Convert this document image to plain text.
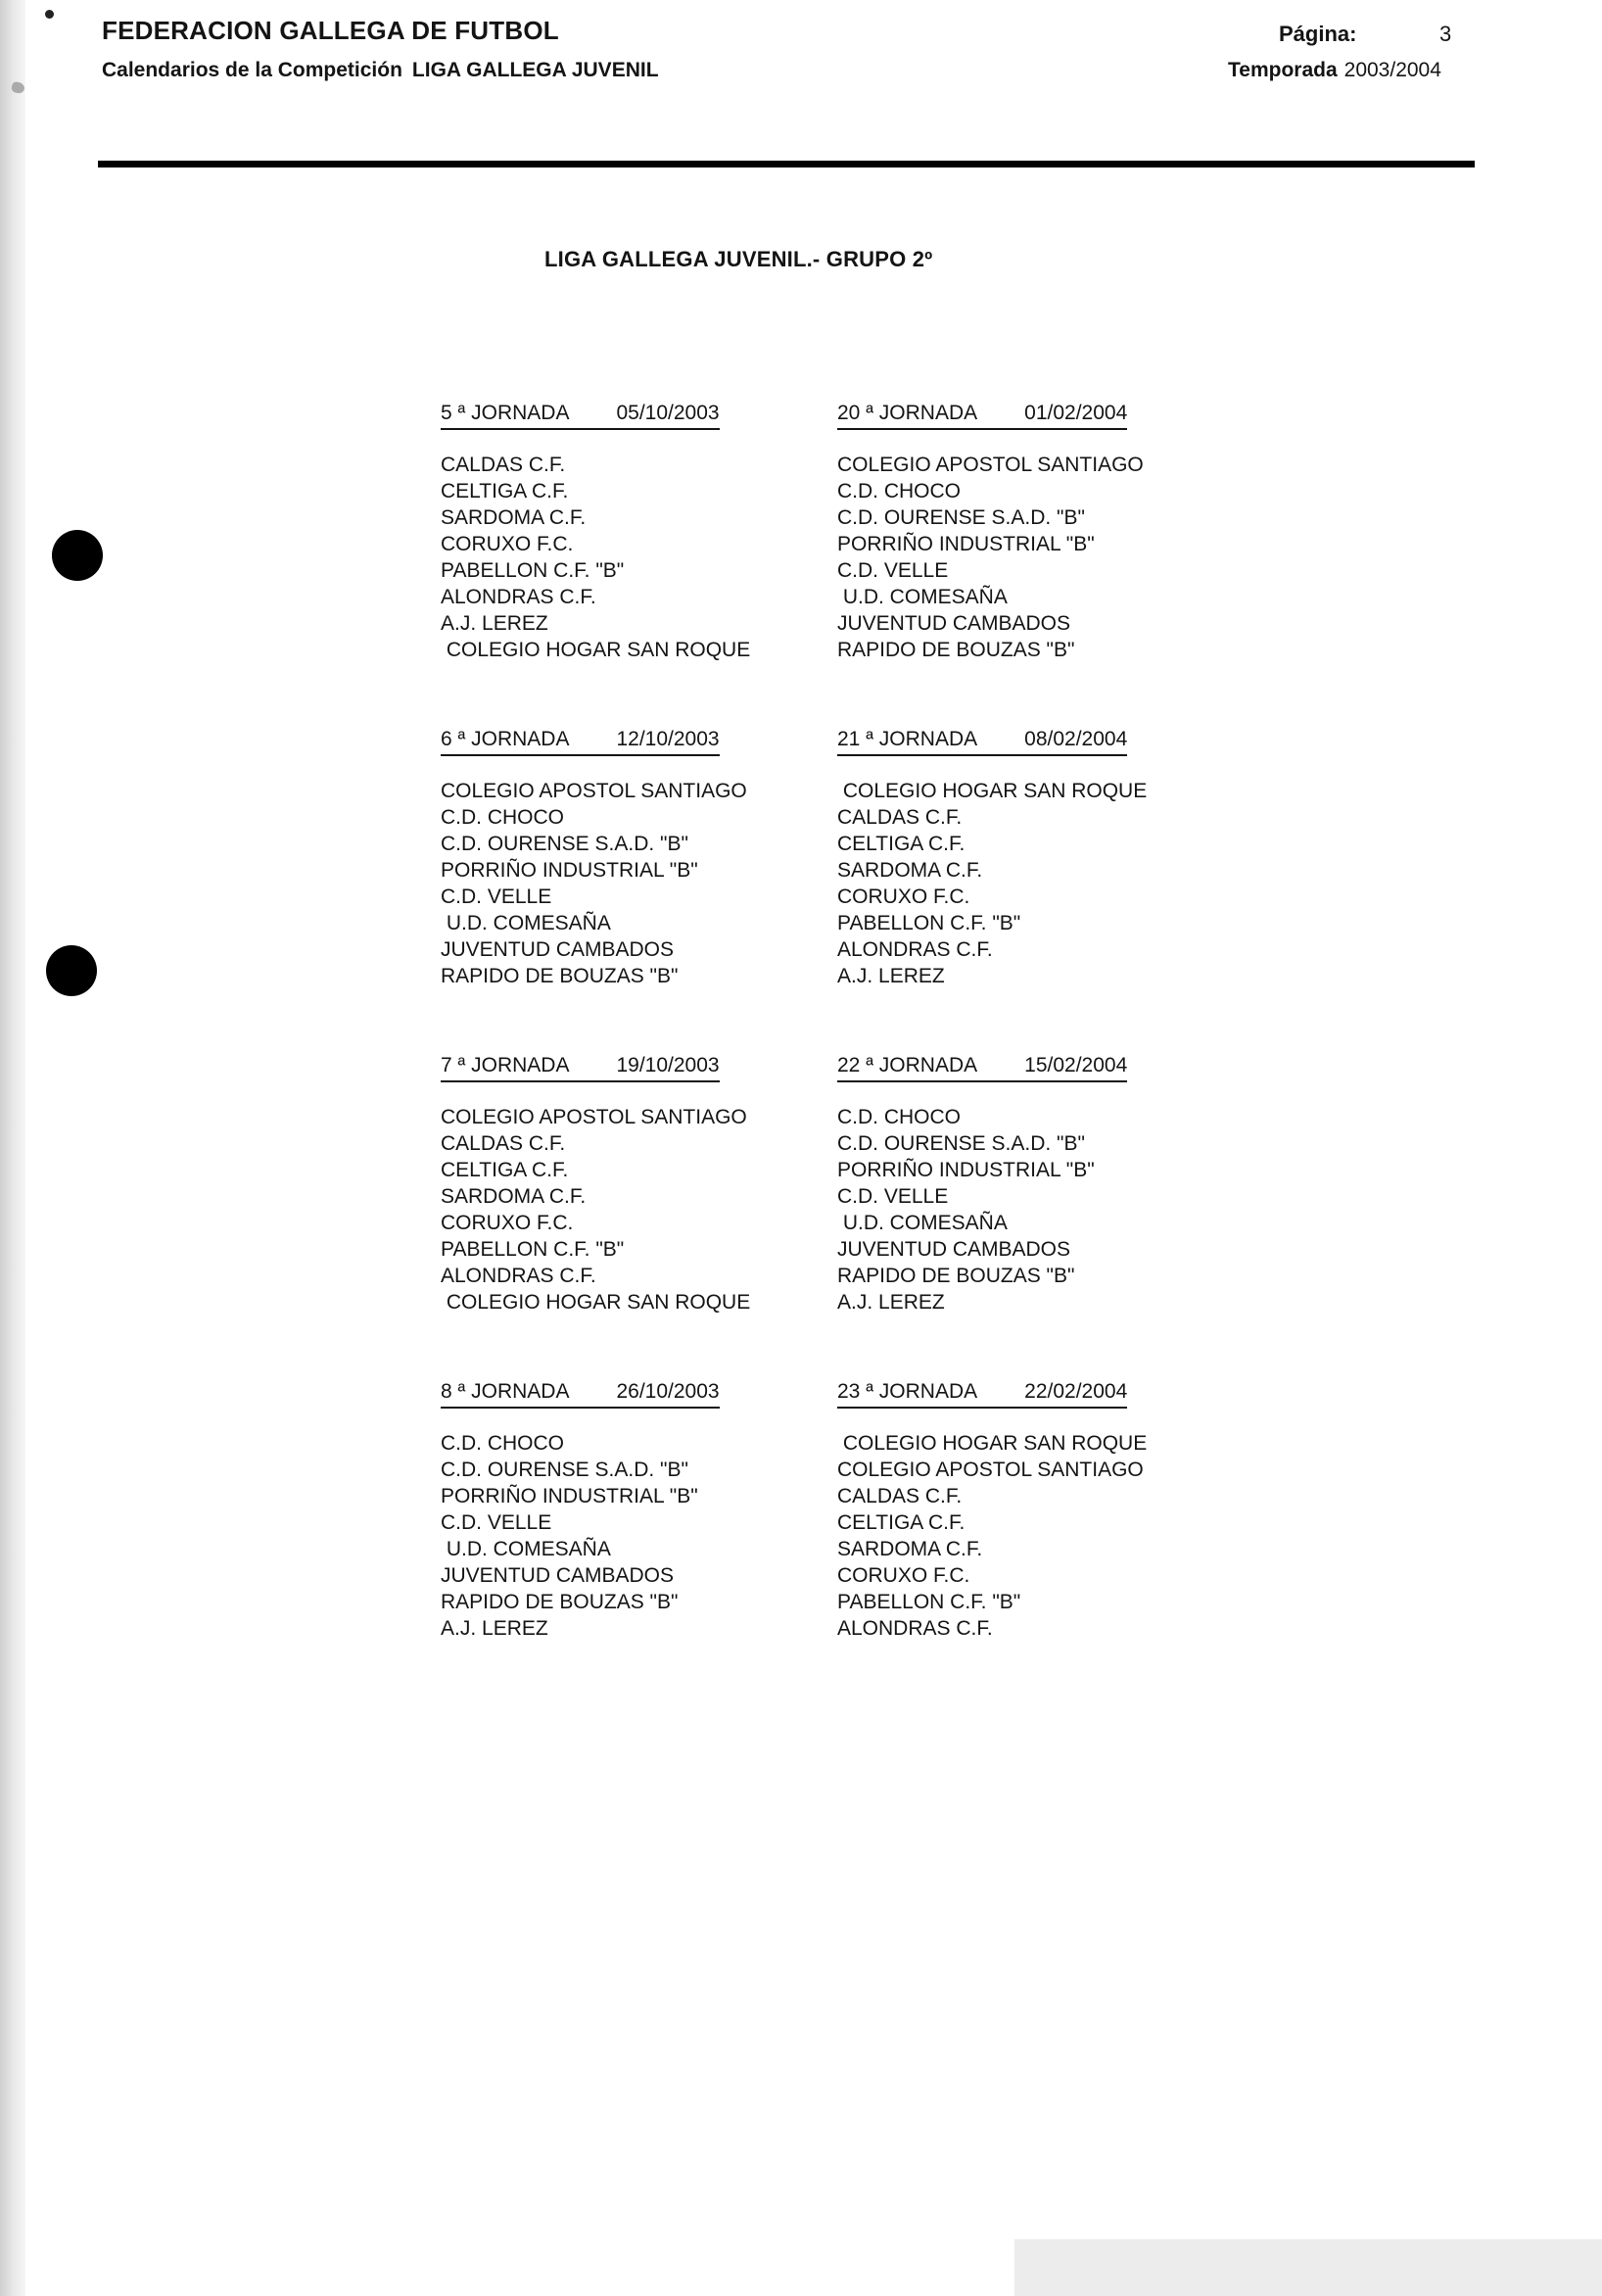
FEDERACION GALLEGA DE FUTBOL	Página:	3
Calendarios de la Competición LIGA GALLEGA JUVENIL	Temporada 2003/2004
LIGA GALLEGA JUVENIL.- GRUPO 2º
5 ª JORNADA 05/10/2003
CALDAS C.F.
CELTIGA C.F.
SARDOMA C.F.
CORUXO F.C.
PABELLON C.F. "B"
ALONDRAS C.F.
A.J. LEREZ
COLEGIO HOGAR SAN ROQUE
6 ª JORNADA 12/10/2003
COLEGIO APOSTOL SANTIAGO
C.D. CHOCO
C.D. OURENSE S.A.D. "B"
PORRIÑO INDUSTRIAL "B"
C.D. VELLE
U.D. COMESAÑA
JUVENTUD CAMBADOS
RAPIDO DE BOUZAS "B"
7 ª JORNADA 19/10/2003
COLEGIO APOSTOL SANTIAGO
CALDAS C.F.
CELTIGA C.F.
SARDOMA C.F.
CORUXO F.C.
PABELLON C.F. "B"
ALONDRAS C.F.
COLEGIO HOGAR SAN ROQUE
8 ª JORNADA 26/10/2003
C.D. CHOCO
C.D. OURENSE S.A.D. "B"
PORRIÑO INDUSTRIAL "B"
C.D. VELLE
U.D. COMESAÑA
JUVENTUD CAMBADOS
RAPIDO DE BOUZAS "B"
A.J. LEREZ
20 ª JORNADA 01/02/2004
COLEGIO APOSTOL SANTIAGO
C.D. CHOCO
C.D. OURENSE S.A.D. "B"
PORRIÑO INDUSTRIAL "B"
C.D. VELLE
U.D. COMESAÑA
JUVENTUD CAMBADOS
RAPIDO DE BOUZAS "B"
21 ª JORNADA 08/02/2004
COLEGIO HOGAR SAN ROQUE
CALDAS C.F.
CELTIGA C.F.
SARDOMA C.F.
CORUXO F.C.
PABELLON C.F. "B"
ALONDRAS C.F.
A.J. LEREZ
22 ª JORNADA 15/02/2004
C.D. CHOCO
C.D. OURENSE S.A.D. "B"
PORRIÑO INDUSTRIAL "B"
C.D. VELLE
U.D. COMESAÑA
JUVENTUD CAMBADOS
RAPIDO DE BOUZAS "B"
A.J. LEREZ
23 ª JORNADA 22/02/2004
COLEGIO HOGAR SAN ROQUE
COLEGIO APOSTOL SANTIAGO
CALDAS C.F.
CELTIGA C.F.
SARDOMA C.F.
CORUXO F.C.
PABELLON C.F. "B"
ALONDRAS C.F.
